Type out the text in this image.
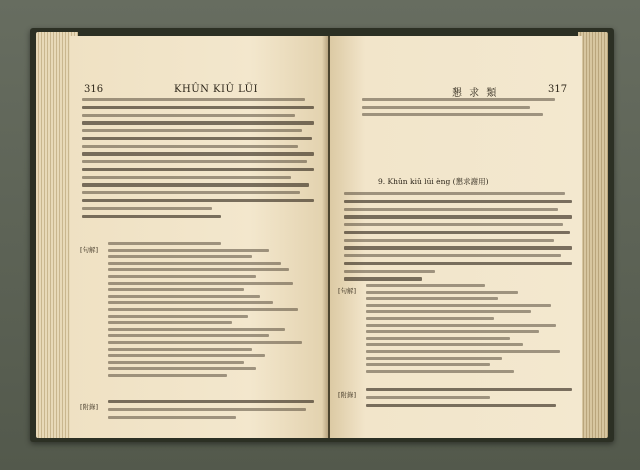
316	KHÛN KIÛ LÜI
[句解]
[附錄]
懇 求 類	317
9. Khûn kiû lūi èng (懇求謝用)
[句解]
[附錄]
